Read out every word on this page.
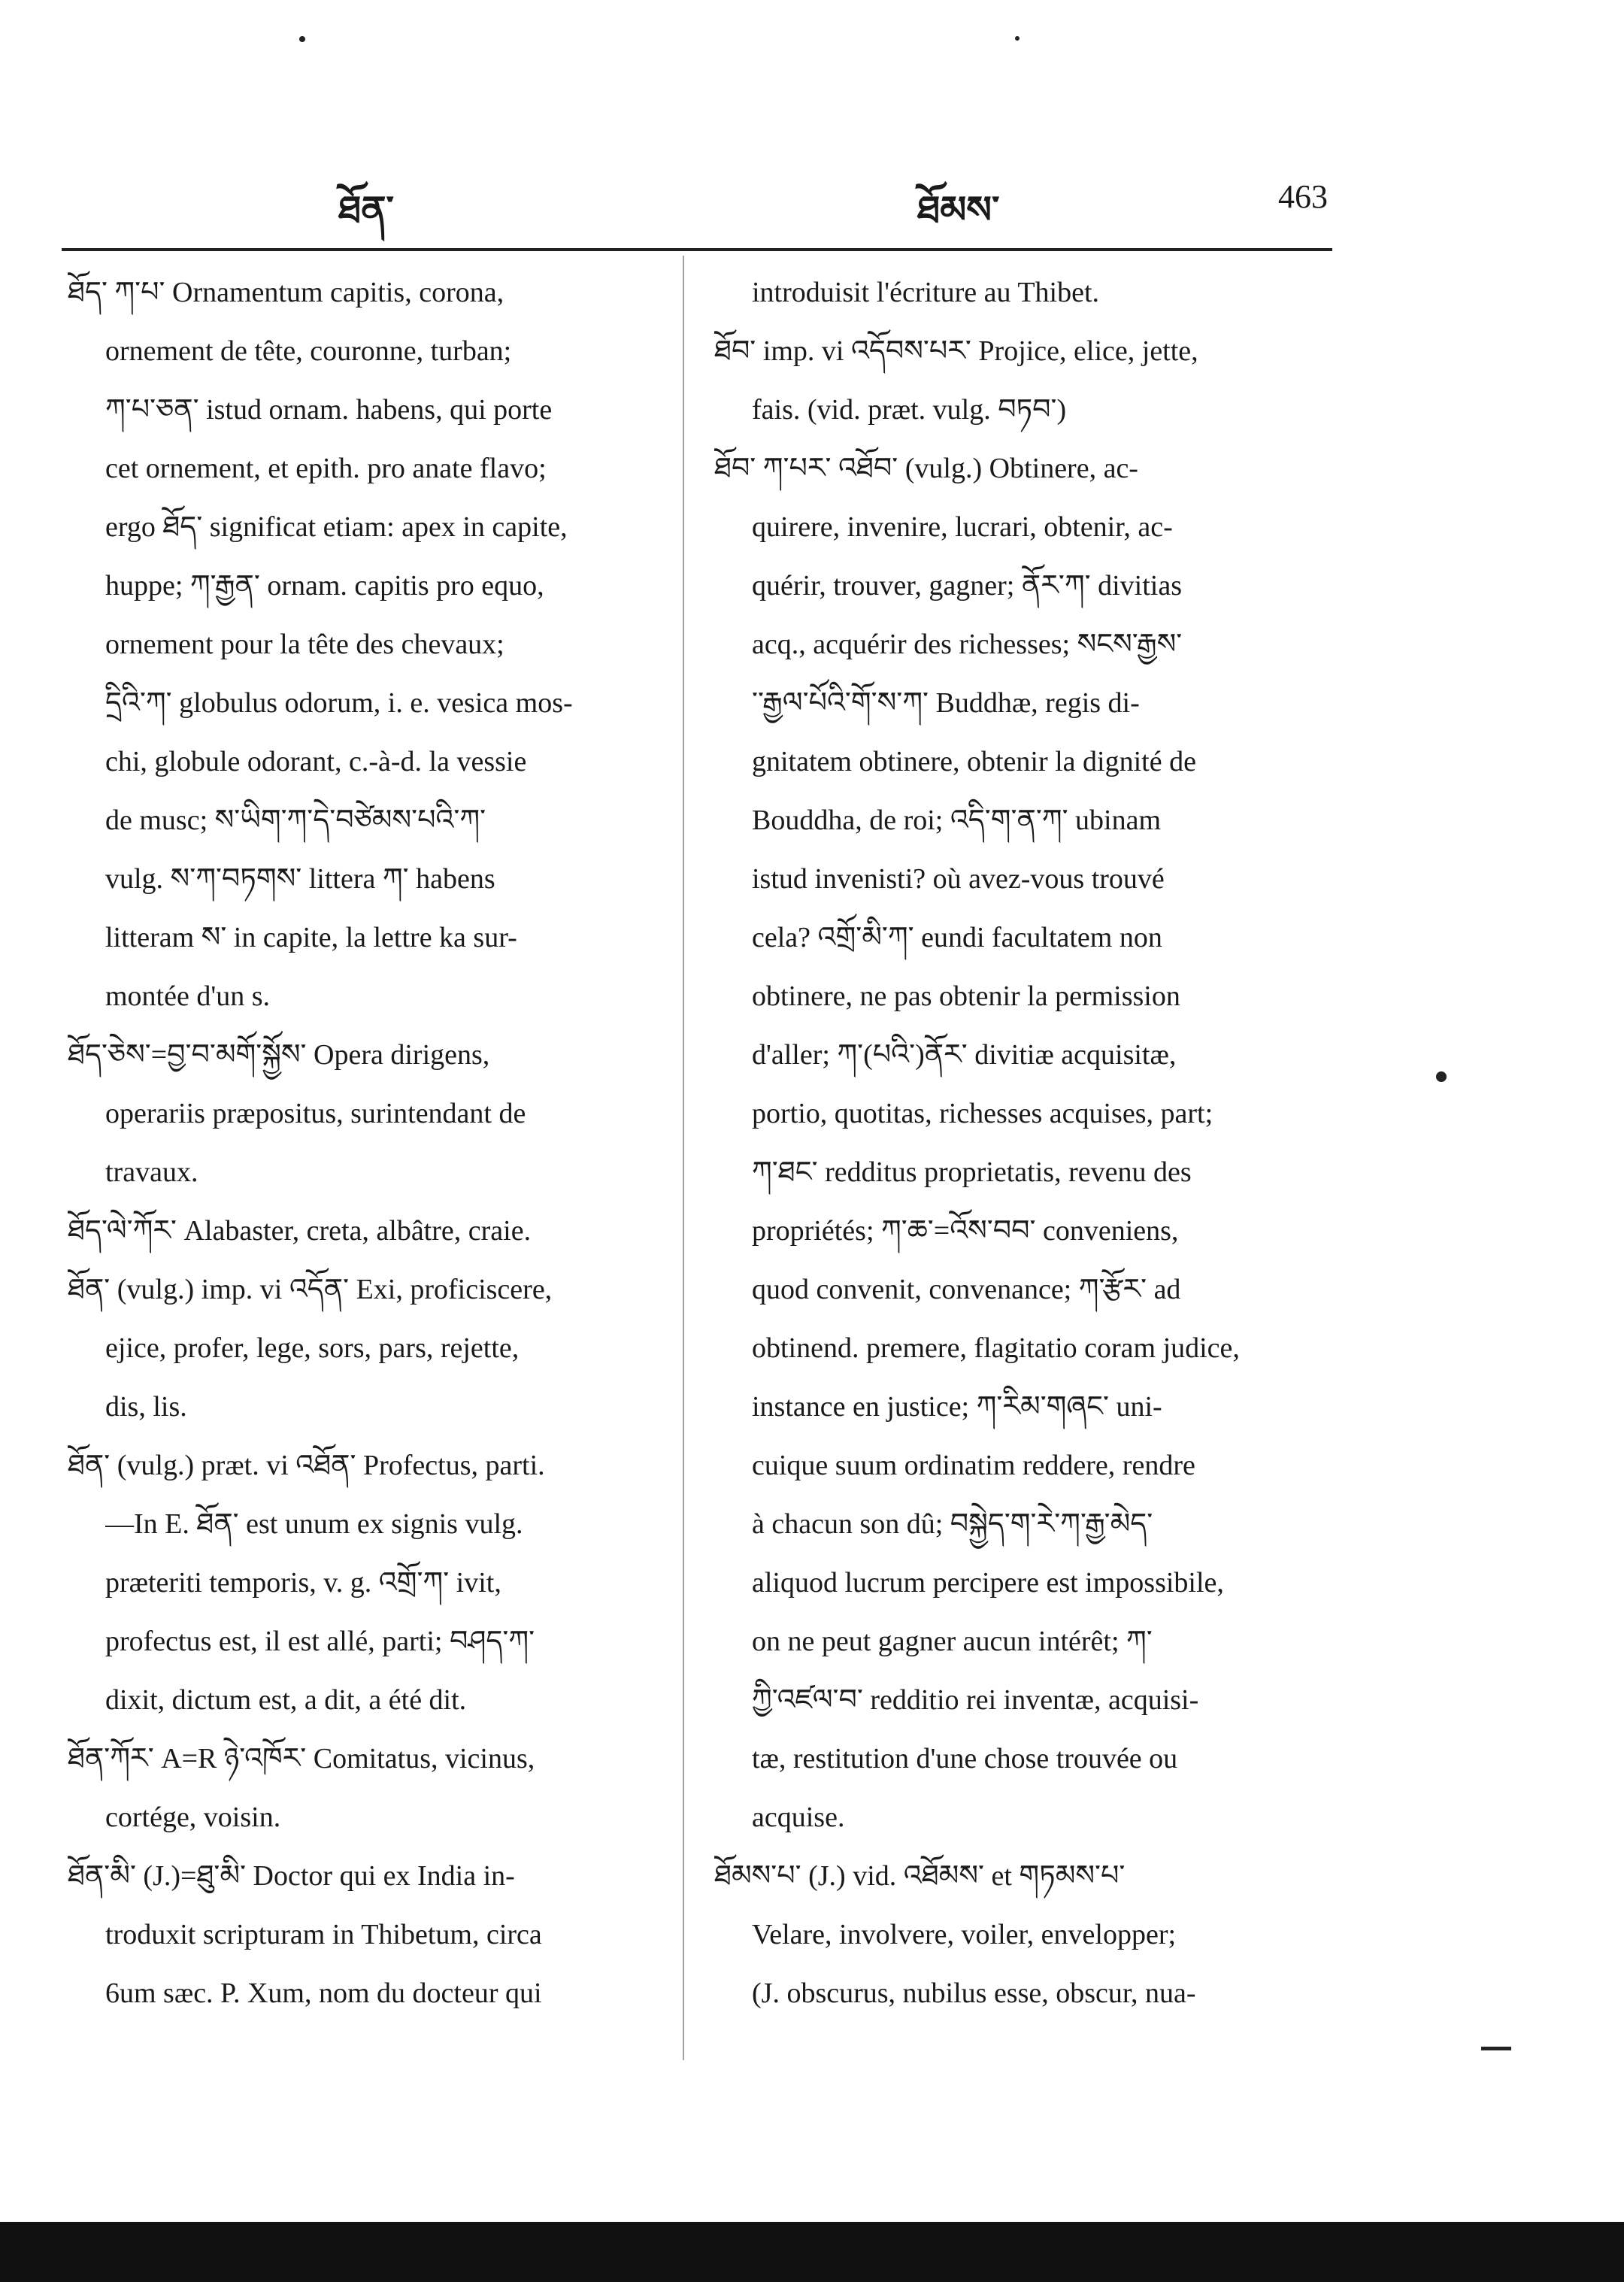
ཐོན་	ཐོམས་	463
ཐོད་ ཀ་པ་ Ornamentum capitis, corona,
ornement de tête, couronne, turban;
ཀ་པ་ཅན་ istud ornam. habens, qui porte
cet ornement, et epith. pro anate flavo;
ergo ཐོད་ significat etiam: apex in capite,
huppe; ཀ་རྒྱན་ ornam. capitis pro equo,
ornement pour la tête des chevaux;
དྲིའི་ཀ་ globulus odorum, i. e. vesica mos-
chi, globule odorant, c.-à-d. la vessie
de musc; ས་ཡིག་ཀ་དེ་བཙེམས་པའི་ཀ་
vulg. ས་ཀ་བཏགས་ littera ཀ་ habens
litteram ས་ in capite, la lettre ka sur-
montée d'un s.
ཐོད་ཅེས་=བྱ་བ་མགོ་སྐྱོས་ Opera dirigens,
operariis præpositus, surintendant de
travaux.
ཐོད་ལེ་ཀོར་ Alabaster, creta, albâtre, craie.
ཐོན་ (vulg.) imp. vi འདོན་ Exi, proficiscere,
ejice, profer, lege, sors, pars, rejette,
dis, lis.
ཐོན་ (vulg.) præt. vi འཐོན་ Profectus, parti.
—In E. ཐོན་ est unum ex signis vulg.
præteriti temporis, v. g. འགྲོ་ཀ་ ivit,
profectus est, il est allé, parti; བཤད་ཀ་
dixit, dictum est, a dit, a été dit.
ཐོན་ཀོར་ A=R ཉེ་འཁོར་ Comitatus, vicinus,
cortége, voisin.
ཐོན་མི་ (J.)=ཐུ་མི་ Doctor qui ex India in-
troduxit scripturam in Thibetum, circa
6um sæc. P. Xum, nom du docteur qui
introduisit l'écriture au Thibet.
ཐོབ་ imp. vi འདོབས་པར་ Projice, elice, jette,
fais. (vid. præt. vulg. བཏབ་)
ཐོབ་ ཀ་པར་ འཐོབ་ (vulg.) Obtinere, ac-
quirere, invenire, lucrari, obtenir, ac-
quérir, trouver, gagner; ནོར་ཀ་ divitias
acq., acquérir des richesses; སངས་རྒྱས་
་་རྒྱལ་པོའི་གོ་ས་ཀ་ Buddhæ, regis di-
gnitatem obtinere, obtenir la dignité de
Bouddha, de roi; འདི་ག་ན་ཀ་ ubinam
istud invenisti? où avez-vous trouvé
cela? འགྲོ་མི་ཀ་ eundi facultatem non
obtinere, ne pas obtenir la permission
d'aller; ཀ་(པའི་)ནོར་ divitiæ acquisitæ,
portio, quotitas, richesses acquises, part;
ཀ་ཐང་ redditus proprietatis, revenu des
propriétés; ཀ་ཆ་=འོས་བབ་ conveniens,
quod convenit, convenance; ཀ་རྩོར་ ad
obtinend. premere, flagitatio coram judice,
instance en justice; ཀ་རིམ་གཞང་ uni-
cuique suum ordinatim reddere, rendre
à chacun son dû; བསྐྱེད་ག་རེ་ཀ་རྒྱ་མེད་
aliquod lucrum percipere est impossibile,
on ne peut gagner aucun intérêt; ཀ་
ཀྱི་འཛལ་བ་ redditio rei inventæ, acquisi-
tæ, restitution d'une chose trouvée ou
acquise.
ཐོམས་པ་ (J.) vid. འཐོམས་ et གཏམས་པ་
Velare, involvere, voiler, envelopper;
(J. obscurus, nubilus esse, obscur, nua-
